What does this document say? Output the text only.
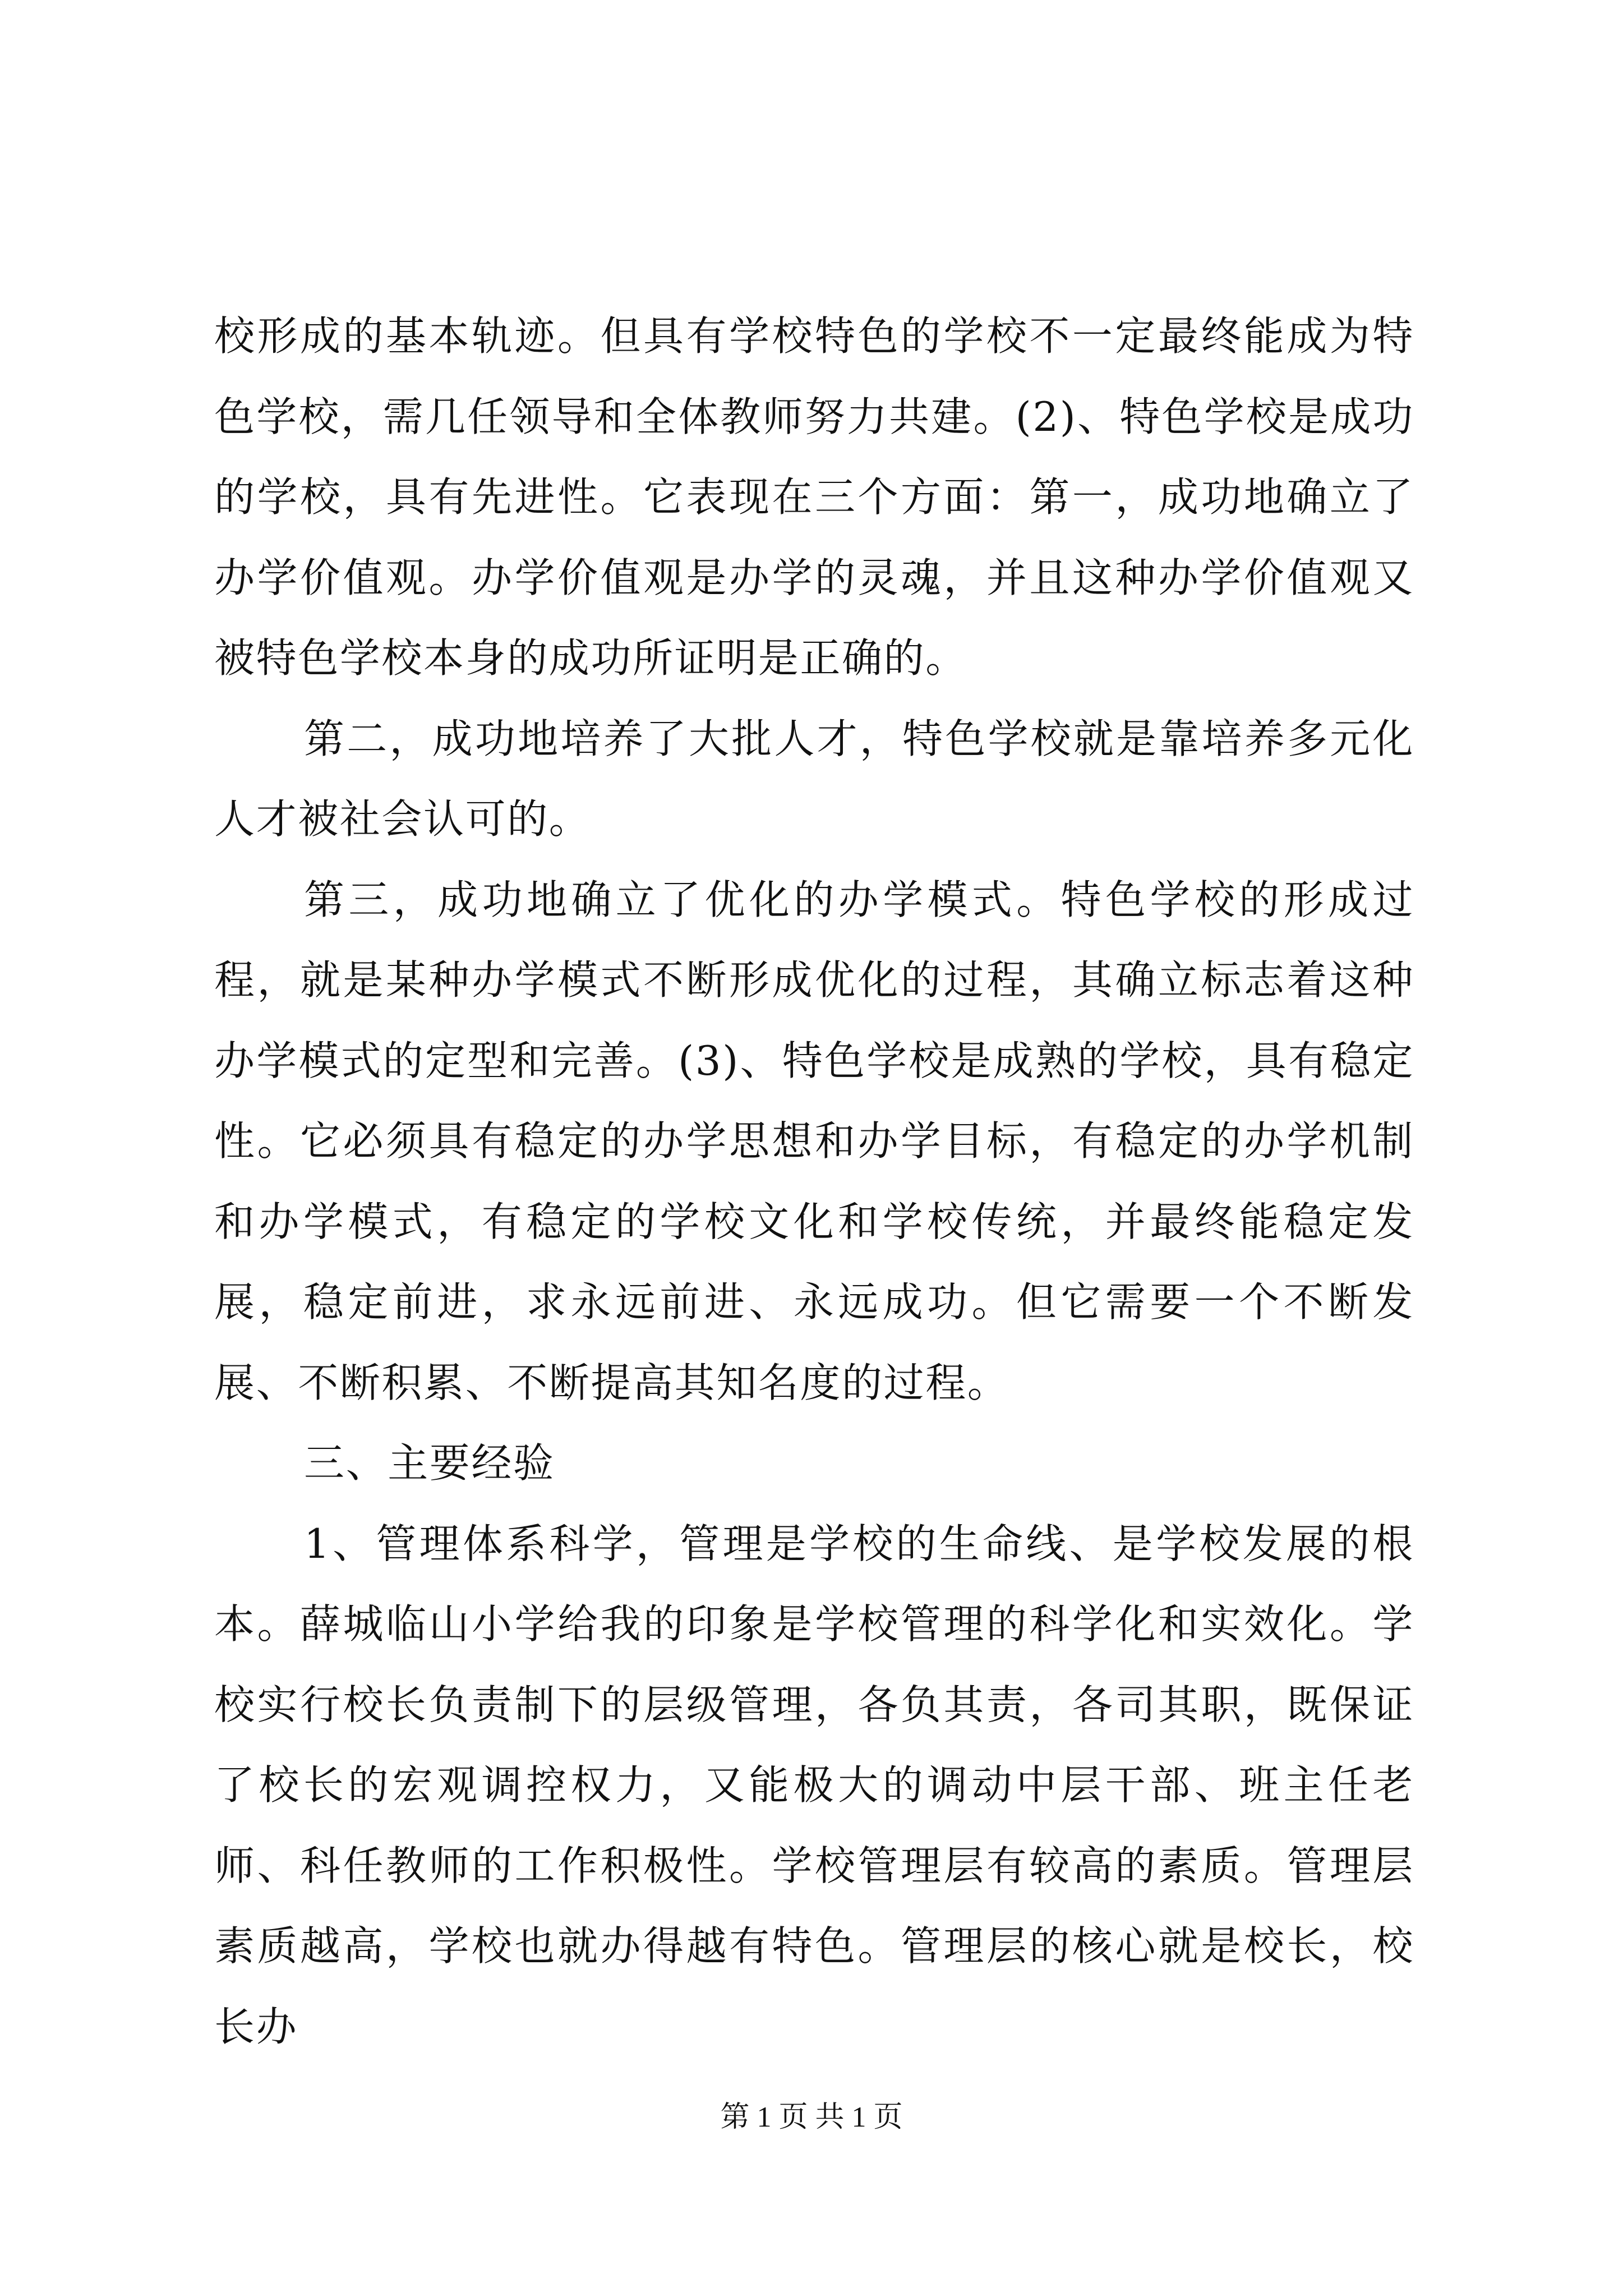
校形成的基本轨迹。但具有学校特色的学校不一定最终能成为特色学校，需几任领导和全体教师努力共建。(2)、特色学校是成功的学校，具有先进性。它表现在三个方面：第一，成功地确立了办学价值观。办学价值观是办学的灵魂，并且这种办学价值观又被特色学校本身的成功所证明是正确的。

第二，成功地培养了大批人才，特色学校就是靠培养多元化人才被社会认可的。

第三，成功地确立了优化的办学模式。特色学校的形成过程，就是某种办学模式不断形成优化的过程，其确立标志着这种办学模式的定型和完善。(3)、特色学校是成熟的学校，具有稳定性。它必须具有稳定的办学思想和办学目标，有稳定的办学机制和办学模式，有稳定的学校文化和学校传统，并最终能稳定发展，稳定前进，求永远前进、永远成功。但它需要一个不断发展、不断积累、不断提高其知名度的过程。

三、主要经验

1、管理体系科学，管理是学校的生命线、是学校发展的根本。薛城临山小学给我的印象是学校管理的科学化和实效化。学校实行校长负责制下的层级管理，各负其责，各司其职，既保证了校长的宏观调控权力，又能极大的调动中层干部、班主任老师、科任教师的工作积极性。学校管理层有较高的素质。管理层素质越高，学校也就办得越有特色。管理层的核心就是校长，校长办

第 1 页 共 1 页
